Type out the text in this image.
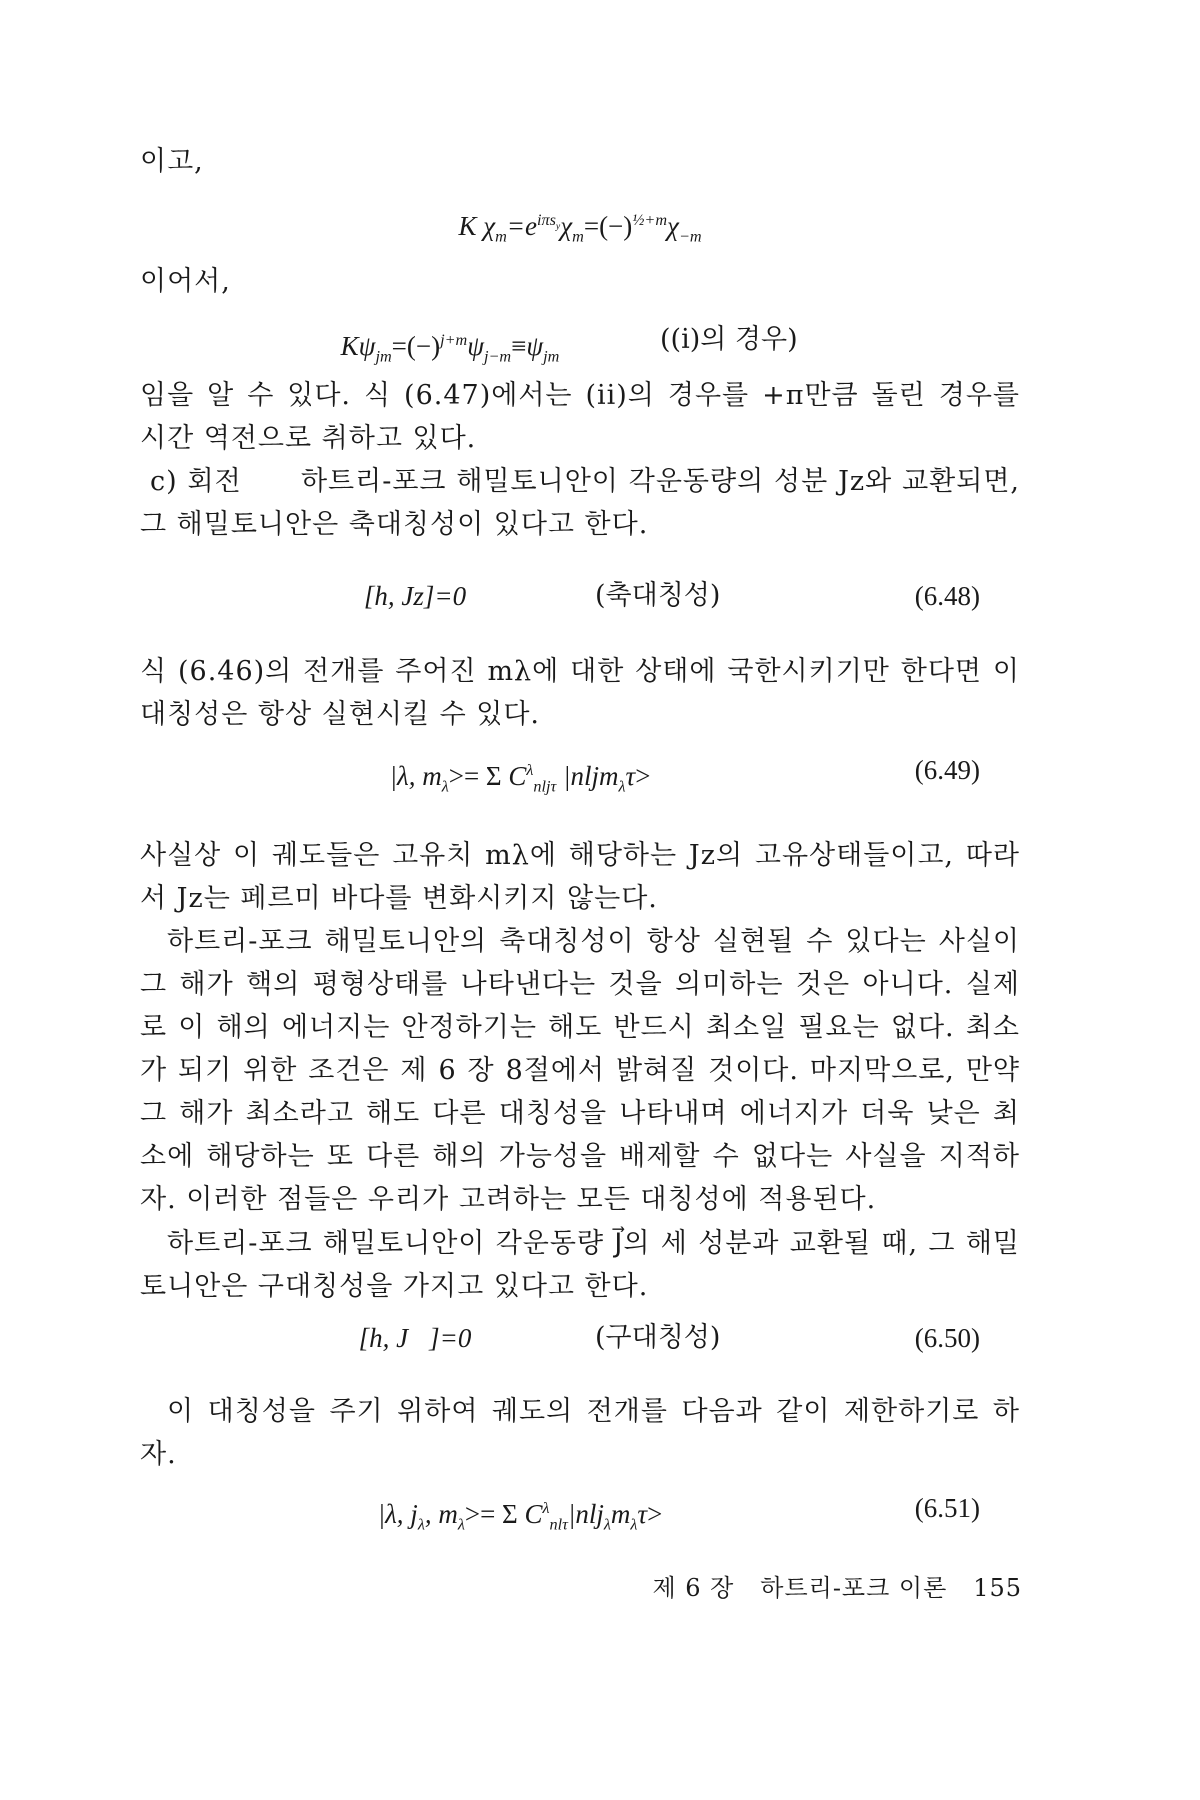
이고,

K $\chi_m=e^{i\pi s_y}\chi_m=(-)^{\frac{1}{2}+m}\chi_{-m}$

이어서,

$K\psi_{jm}=(-)^{j+m}\psi_{j-m}\equiv\psi_{jm}$
((i)의 경우)

임을 알 수 있다. 식 (6.47)에서는 (ii)의 경우를 +π만큼 돌린 경우를 시간 역전으로 취하고 있다.

c) 회전 하트리-포크 해밀토니안이 각운동량의 성분 Jz와 교환되면, 그 해밀토니안은 축대칭성이 있다고 한다.

[h, Jz]=0	(축대칭성)	(6.48)

식 (6.46)의 전개를 주어진 mλ에 대한 상태에 국한시키기만 한다면 이 대칭성은 항상 실현시킬 수 있다.

|λ, $m_\lambda>= \Sigma$ $C^\lambda_{nlj\tau}$ |nljm$_\lambda$τ>	(6.49)

사실상 이 궤도들은 고유치 mλ에 해당하는 Jz의 고유상태들이고, 따라서 Jz는 페르미 바다를 변화시키지 않는다.

하트리-포크 해밀토니안의 축대칭성이 항상 실현될 수 있다는 사실이 그 해가 핵의 평형상태를 나타낸다는 것을 의미하는 것은 아니다. 실제로 이 해의 에너지는 안정하기는 해도 반드시 최소일 필요는 없다. 최소가 되기 위한 조건은 제 6 장 8절에서 밝혀질 것이다. 마지막으로, 만약 그 해가 최소라고 해도 다른 대칭성을 나타내며 에너지가 더욱 낮은 최소에 해당하는 또 다른 해의 가능성을 배제할 수 없다는 사실을 지적하자. 이러한 점들은 우리가 고려하는 모든 대칭성에 적용된다.

하트리-포크 해밀토니안이 각운동량 J⃗의 세 성분과 교환될 때, 그 해밀토니안은 구대칭성을 가지고 있다고 한다.

[h, J⃗]=0	(구대칭성)	(6.50)

이 대칭성을 주기 위하여 궤도의 전개를 다음과 같이 제한하기로 하자.

|λ, $j_\lambda$, $m_\lambda>= \Sigma$ $C^\lambda_{nl\tau}|nlj_\lambda m_\lambda\tau>$	(6.51)
제 6 장 하트리-포크 이론 155
